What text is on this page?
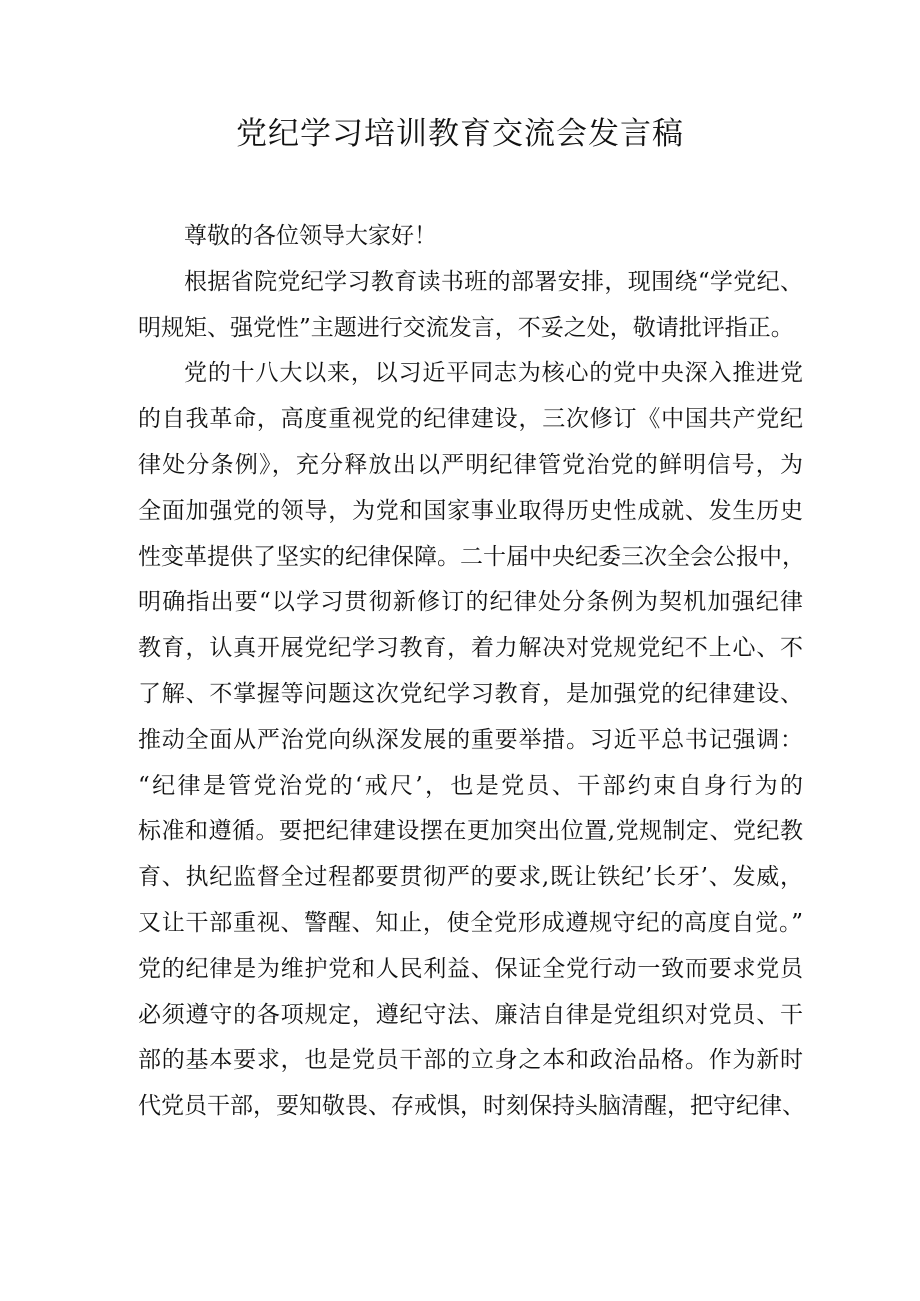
党纪学习培训教育交流会发言稿
尊敬的各位领导大家好！
根据省院党纪学习教育读书班的部署安排，现围绕“学党纪、
明规矩、强党性”主题进行交流发言，不妥之处，敬请批评指正。
党的十八大以来，以习近平同志为核心的党中央深入推进党
的自我革命，高度重视党的纪律建设，三次修订《中国共产党纪
律处分条例》，充分释放出以严明纪律管党治党的鲜明信号，为
全面加强党的领导，为党和国家事业取得历史性成就、发生历史
性变革提供了坚实的纪律保障。二十届中央纪委三次全会公报中，
明确指出要“以学习贯彻新修订的纪律处分条例为契机加强纪律
教育，认真开展党纪学习教育，着力解决对党规党纪不上心、不
了解、不掌握等问题这次党纪学习教育，是加强党的纪律建设、
推动全面从严治党向纵深发展的重要举措。习近平总书记强调：
“纪律是管党治党的‘戒尺’，也是党员、干部约束自身行为的
标准和遵循。要把纪律建设摆在更加突出位置,党规制定、党纪教
育、执纪监督全过程都要贯彻严的要求,既让铁纪’长牙’、发威，
又让干部重视、警醒、知止，使全党形成遵规守纪的高度自觉。”
党的纪律是为维护党和人民利益、保证全党行动一致而要求党员
必须遵守的各项规定，遵纪守法、廉洁自律是党组织对党员、干
部的基本要求，也是党员干部的立身之本和政治品格。作为新时
代党员干部，要知敬畏、存戒惧，时刻保持头脑清醒，把守纪律、
